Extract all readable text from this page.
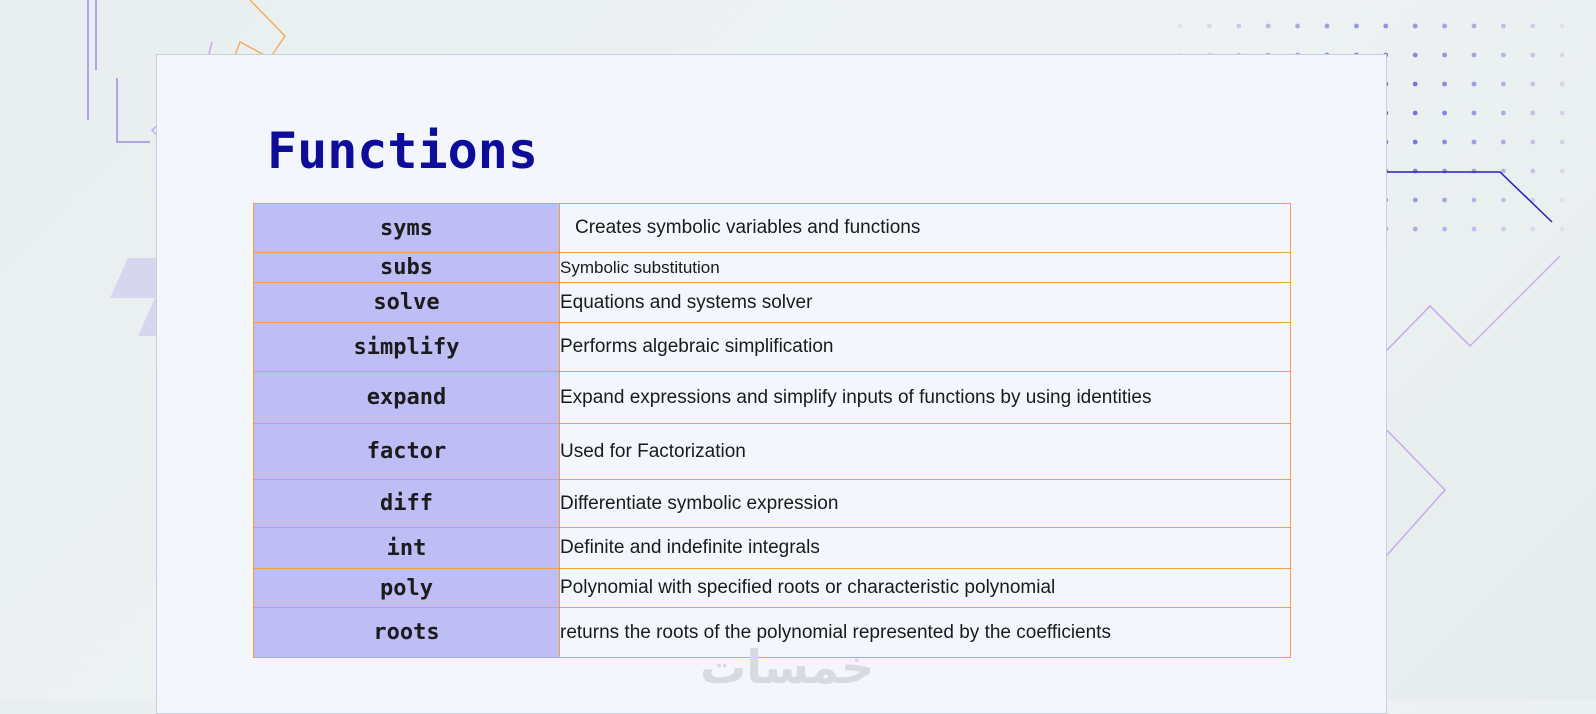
Functions
syms	Creates symbolic variables and functions
subs	Symbolic substitution
solve	Equations and systems solver
simplify	Performs algebraic simplification
expand	Expand expressions and simplify inputs of functions by using identities
factor	Used for Factorization
diff	Differentiate symbolic expression
int	Definite and indefinite integrals
poly	Polynomial with specified roots or characteristic polynomial
roots	returns the roots of the polynomial represented by the coefficients
خمسات
